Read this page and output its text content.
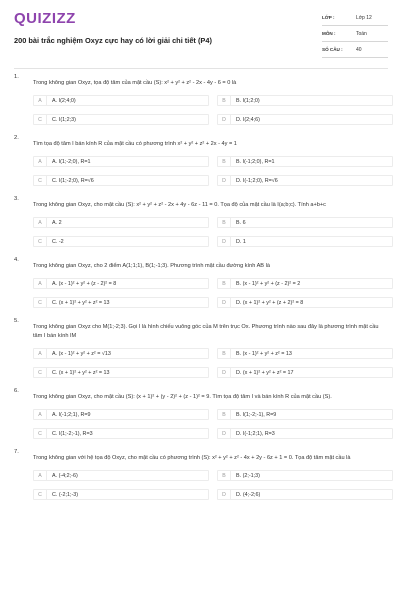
QUIZIZZ
200 bài trắc nghiệm Oxyz cực hay có lời giải chi tiết (P4)
LỚP :	Lớp 12
MÔN :	Toán
SỐ CÂU :	40
1.
Trong không gian Oxyz, tọa độ tâm của mặt cầu (S): x² + y² + z² - 2x - 4y - 6 = 0 là
A	A. I(2;4;0)	B	B. I(1;2;0)
C	C. I(1;2;3)	D	D. I(2;4;6)
2.
Tìm tọa độ tâm I bán kính R của mặt cầu có phương trình x² + y² + z² + 2x - 4y = 1
A	A. I(1;-2;0), R=1	B	B. I(-1;2;0), R=1
C	C. I(1;-2;0), R=√6	D	D. I(-1;2;0), R=√6
3.
Trong không gian Oxyz, cho mặt cầu (S): x² + y² + z² - 2x + 4y - 6z - 11 = 0. Tọa độ của mặt cầu là I(a;b;c). Tính a+b+c
A	A. 2	B	B. 6
C	C. -2	D	D. 1
4.
Trong không gian Oxyz, cho 2 điểm A(1;1;1), B(1;-1;3). Phương trình mặt cầu đường kính AB là
A	A. (x - 1)² + y² + (z - 2)² = 8	B	B. (x - 1)² + y² + (z - 2)² = 2
C	C. (x + 1)² + y² + z² = 13	D	D. (x + 1)² + y² + (z + 2)² = 8
5.
Trong không gian Oxyz cho M(1;-2;3). Gọi I là hình chiếu vuông góc của M trên trục Ox. Phương trình nào sau đây là phương trình mặt cầu tâm I bán kính IM
A	A. (x - 1)² + y² + z² = √13	B	B. (x - 1)² + y² + z² = 13
C	C. (x + 1)² + y² + z² = 13	D	D. (x + 1)² + y² + z² = 17
6.
Trong không gian Oxyz, cho mặt cầu (S): (x + 1)² + (y - 2)² + (z - 1)² = 9. Tìm tọa độ tâm I và bán kính R của mặt cầu (S).
A	A. I(-1;2;1), R=9	B	B. I(1;-2;-1), R=9
C	C. I(1;-2;-1), R=3	D	D. I(-1;2;1), R=3
7.
Trong không gian với hệ tọa độ Oxyz, cho mặt cầu có phương trình (S): x² + y² + z² - 4x + 2y - 6z + 1 = 0. Tọa độ tâm mặt cầu là
A	A. (-4;2;-6)	B	B. (2;-1;3)
C	C. (-2;1;-3)	D	D. (4;-2;6)
